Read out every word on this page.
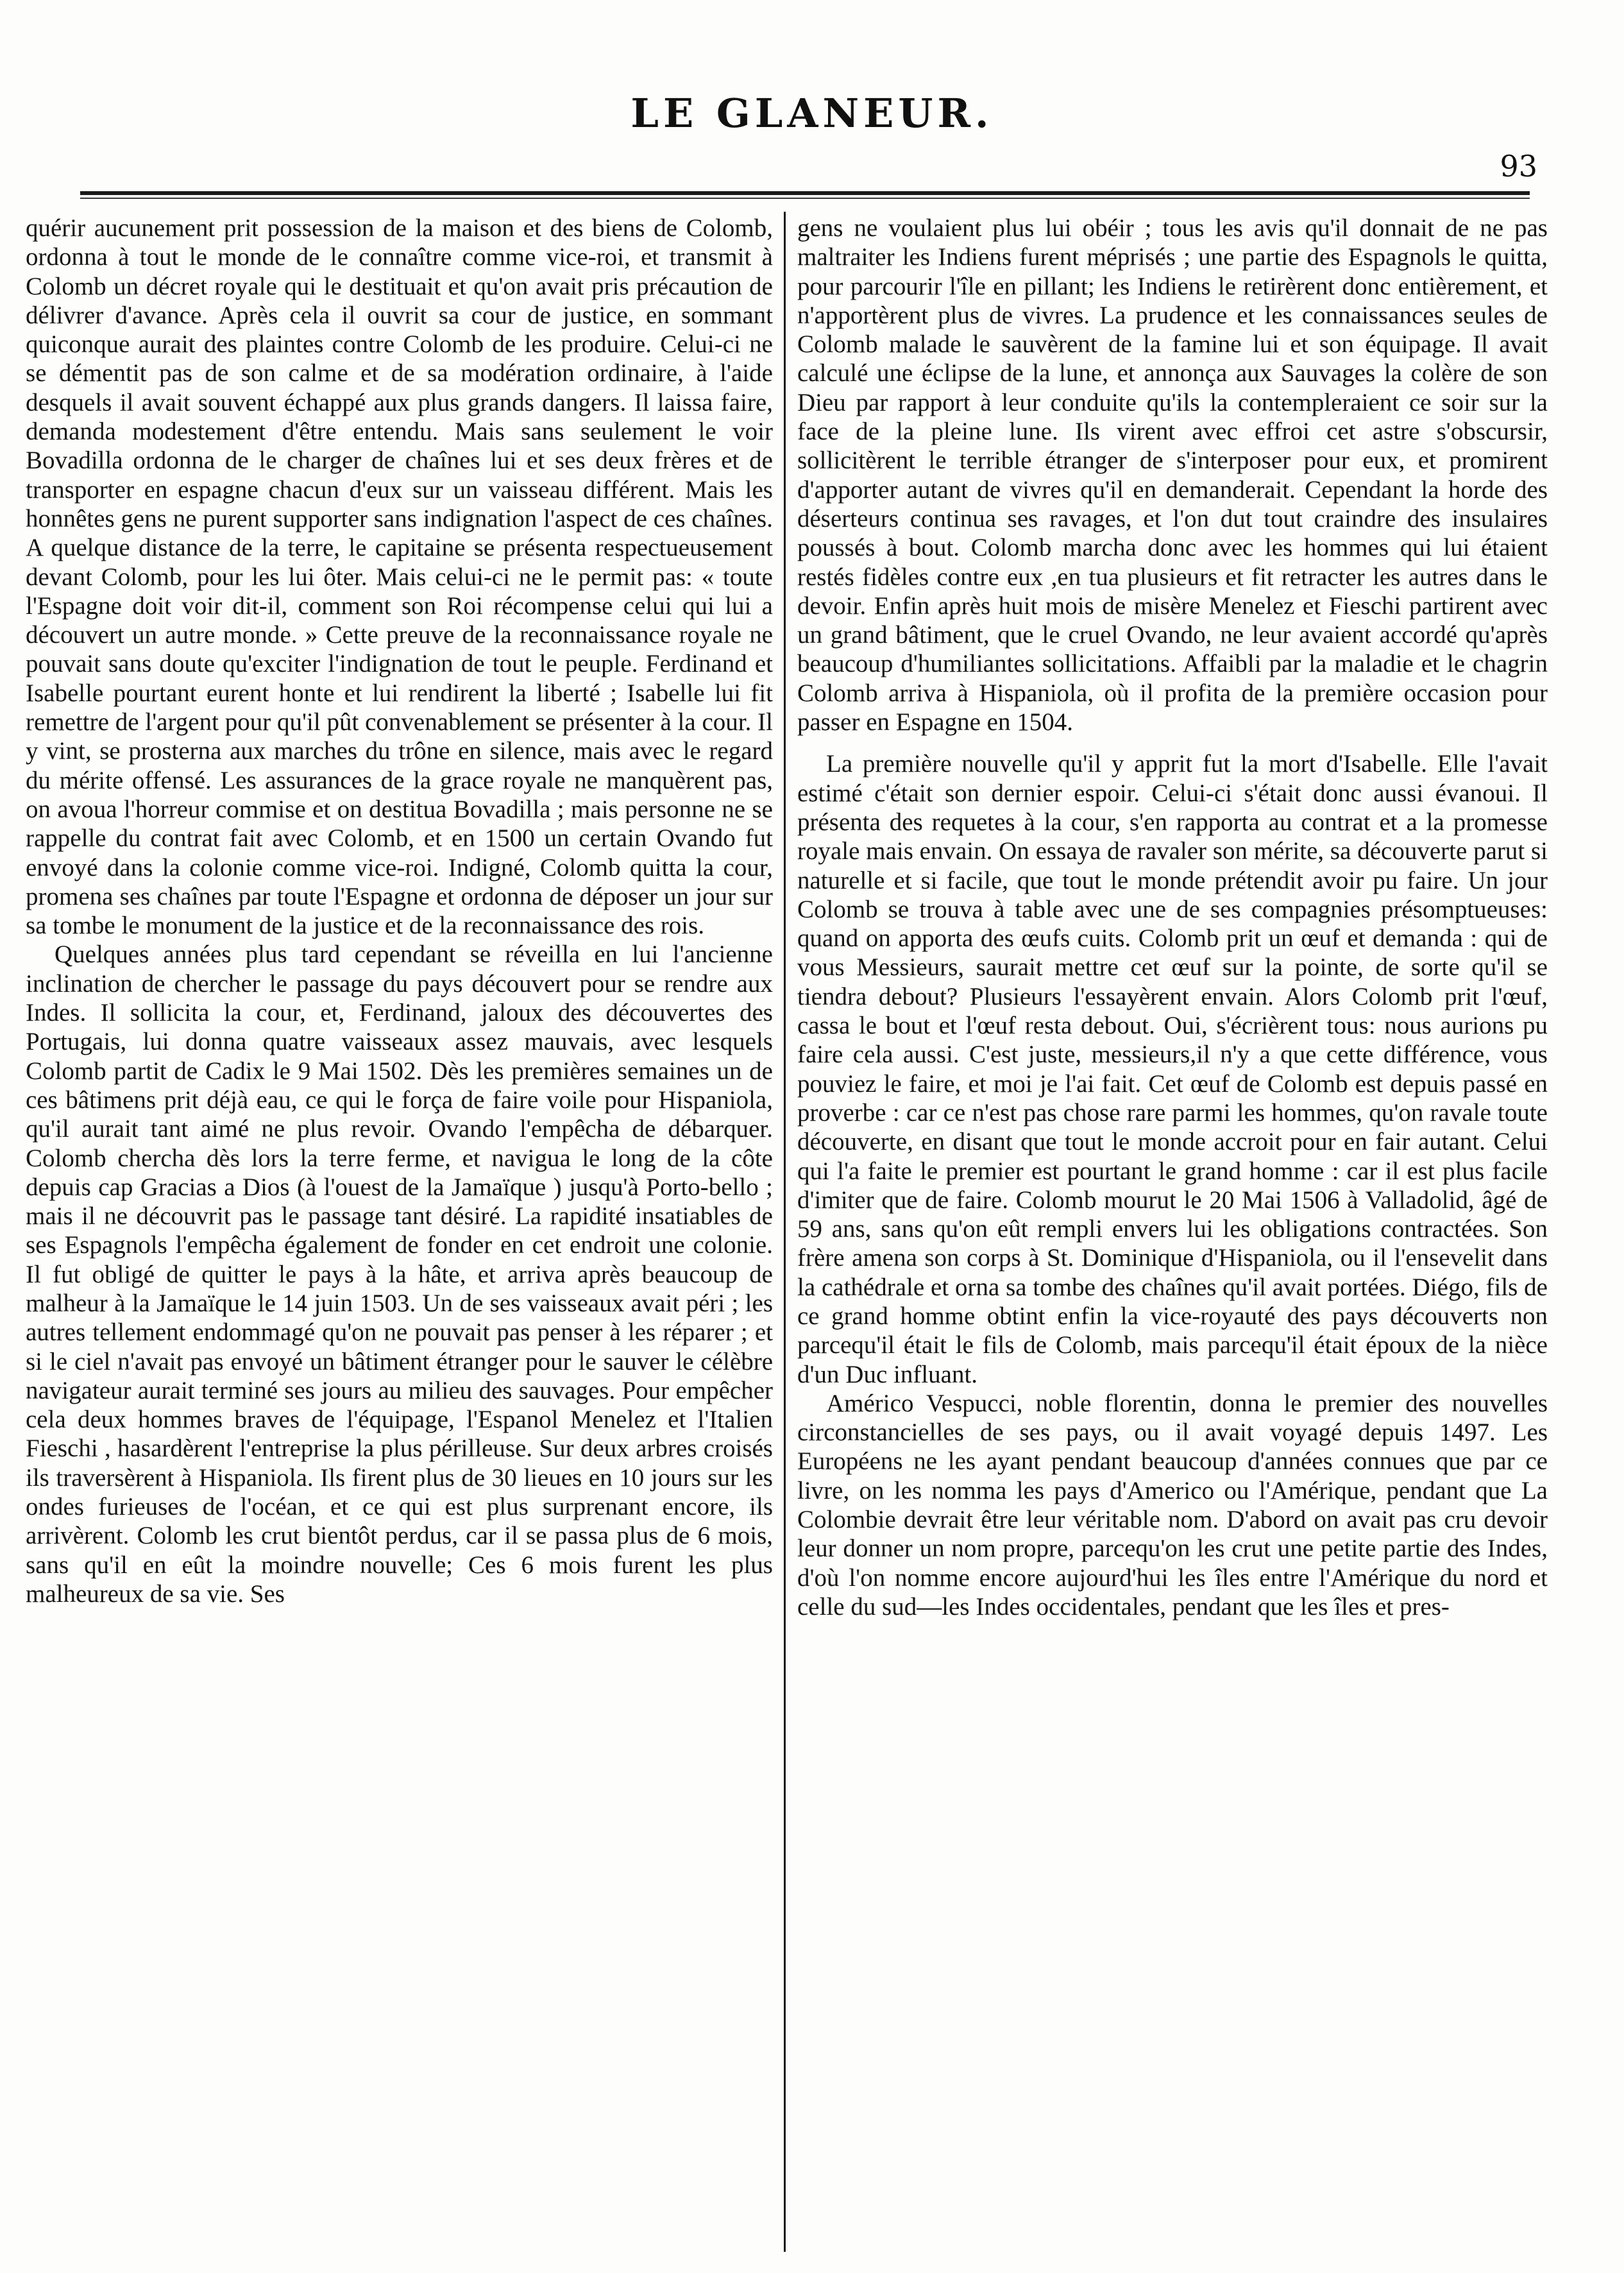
LE GLANEUR.
93

quérir aucunement prit possession de la maison et des biens de Colomb, ordonna à tout le monde de le connaître comme vice-roi, et transmit à Colomb un décret royale qui le destituait et qu'on avait pris précaution de délivrer d'avance. Après cela il ouvrit sa cour de justice, en sommant quiconque aurait des plaintes contre Colomb de les produire. Celui-ci ne se démentit pas de son calme et de sa modération ordinaire, à l'aide desquels il avait souvent échappé aux plus grands dangers. Il laissa faire, demanda modestement d'être entendu. Mais sans seulement le voir Bovadilla ordonna de le charger de chaînes lui et ses deux frères et de transporter en espagne chacun d'eux sur un vaisseau différent. Mais les honnêtes gens ne purent supporter sans indignation l'aspect de ces chaînes. A quelque distance de la terre, le capitaine se présenta respectueusement devant Colomb, pour les lui ôter. Mais celui-ci ne le permit pas: « toute l'Espagne doit voir dit-il, comment son Roi récompense celui qui lui a découvert un autre monde. » Cette preuve de la reconnaissance royale ne pouvait sans doute qu'exciter l'indignation de tout le peuple. Ferdinand et Isabelle pourtant eurent honte et lui rendirent la liberté ; Isabelle lui fit remettre de l'argent pour qu'il pût convenablement se présenter à la cour. Il y vint, se prosterna aux marches du trône en silence, mais avec le regard du mérite offensé. Les assurances de la grace royale ne manquèrent pas, on avoua l'horreur commise et on destitua Bovadilla ; mais personne ne se rappelle du contrat fait avec Colomb, et en 1500 un certain Ovando fut envoyé dans la colonie comme vice-roi. Indigné, Colomb quitta la cour, promena ses chaînes par toute l'Espagne et ordonna de déposer un jour sur sa tombe le monument de la justice et de la reconnaissance des rois.

Quelques années plus tard cependant se réveilla en lui l'ancienne inclination de chercher le passage du pays découvert pour se rendre aux Indes. Il sollicita la cour, et, Ferdinand, jaloux des découvertes des Portugais, lui donna quatre vaisseaux assez mauvais, avec lesquels Colomb partit de Cadix le 9 Mai 1502. Dès les premières semaines un de ces bâtimens prit déjà eau, ce qui le força de faire voile pour Hispaniola, qu'il aurait tant aimé ne plus revoir. Ovando l'empêcha de débarquer. Colomb chercha dès lors la terre ferme, et navigua le long de la côte depuis cap Gracias a Dios (à l'ouest de la Jamaïque ) jusqu'à Porto-bello ; mais il ne découvrit pas le passage tant désiré. La rapidité insatiables de ses Espagnols l'empêcha également de fonder en cet endroit une colonie. Il fut obligé de quitter le pays à la hâte, et arriva après beaucoup de malheur à la Jamaïque le 14 juin 1503. Un de ses vaisseaux avait péri ; les autres tellement endommagé qu'on ne pouvait pas penser à les réparer ; et si le ciel n'avait pas envoyé un bâtiment étranger pour le sauver le célèbre navigateur aurait terminé ses jours au milieu des sauvages. Pour empêcher cela deux hommes braves de l'équipage, l'Espanol Menelez et l'Italien Fieschi , hasardèrent l'entreprise la plus périlleuse. Sur deux arbres croisés ils traversèrent à Hispaniola. Ils firent plus de 30 lieues en 10 jours sur les ondes furieuses de l'océan, et ce qui est plus surprenant encore, ils arrivèrent. Colomb les crut bientôt perdus, car il se passa plus de 6 mois, sans qu'il en eût la moindre nouvelle; Ces 6 mois furent les plus malheureux de sa vie. Ses

gens ne voulaient plus lui obéir ; tous les avis qu'il donnait de ne pas maltraiter les Indiens furent méprisés ; une partie des Espagnols le quitta, pour parcourir l'île en pillant; les Indiens le retirèrent donc entièrement, et n'apportèrent plus de vivres. La prudence et les connaissances seules de Colomb malade le sauvèrent de la famine lui et son équipage. Il avait calculé une éclipse de la lune, et annonça aux Sauvages la colère de son Dieu par rapport à leur conduite qu'ils la contempleraient ce soir sur la face de la pleine lune. Ils virent avec effroi cet astre s'obscursir, sollicitèrent le terrible étranger de s'interposer pour eux, et promirent d'apporter autant de vivres qu'il en demanderait. Cependant la horde des déserteurs continua ses ravages, et l'on dut tout craindre des insulaires poussés à bout. Colomb marcha donc avec les hommes qui lui étaient restés fidèles contre eux ,en tua plusieurs et fit retracter les autres dans le devoir. Enfin après huit mois de misère Menelez et Fieschi partirent avec un grand bâtiment, que le cruel Ovando, ne leur avaient accordé qu'après beaucoup d'humiliantes sollicitations. Affaibli par la maladie et le chagrin Colomb arriva à Hispaniola, où il profita de la première occasion pour passer en Espagne en 1504.

La première nouvelle qu'il y apprit fut la mort d'Isabelle. Elle l'avait estimé c'était son dernier espoir. Celui-ci s'était donc aussi évanoui. Il présenta des requetes à la cour, s'en rapporta au contrat et a la promesse royale mais envain. On essaya de ravaler son mérite, sa découverte parut si naturelle et si facile, que tout le monde prétendit avoir pu faire. Un jour Colomb se trouva à table avec une de ses compagnies présomptueuses: quand on apporta des œufs cuits. Colomb prit un œuf et demanda : qui de vous Messieurs, saurait mettre cet œuf sur la pointe, de sorte qu'il se tiendra debout? Plusieurs l'essayèrent envain. Alors Colomb prit l'œuf, cassa le bout et l'œuf resta debout. Oui, s'écrièrent tous: nous aurions pu faire cela aussi. C'est juste, messieurs,il n'y a que cette différence, vous pouviez le faire, et moi je l'ai fait. Cet œuf de Colomb est depuis passé en proverbe : car ce n'est pas chose rare parmi les hommes, qu'on ravale toute découverte, en disant que tout le monde accroit pour en fair autant. Celui qui l'a faite le premier est pourtant le grand homme : car il est plus facile d'imiter que de faire. Colomb mourut le 20 Mai 1506 à Valladolid, âgé de 59 ans, sans qu'on eût rempli envers lui les obligations contractées. Son frère amena son corps à St. Dominique d'Hispaniola, ou il l'ensevelit dans la cathédrale et orna sa tombe des chaînes qu'il avait portées. Diégo, fils de ce grand homme obtint enfin la vice-royauté des pays découverts non parcequ'il était le fils de Colomb, mais parcequ'il était époux de la nièce d'un Duc influant.

Américo Vespucci, noble florentin, donna le premier des nouvelles circonstancielles de ses pays, ou il avait voyagé depuis 1497. Les Européens ne les ayant pendant beaucoup d'années connues que par ce livre, on les nomma les pays d'Americo ou l'Amérique, pendant que La Colombie devrait être leur véritable nom. D'abord on avait pas cru devoir leur donner un nom propre, parcequ'on les crut une petite partie des Indes, d'où l'on nomme encore aujourd'hui les îles entre l'Amérique du nord et celle du sud—les Indes occidentales, pendant que les îles et pres-
